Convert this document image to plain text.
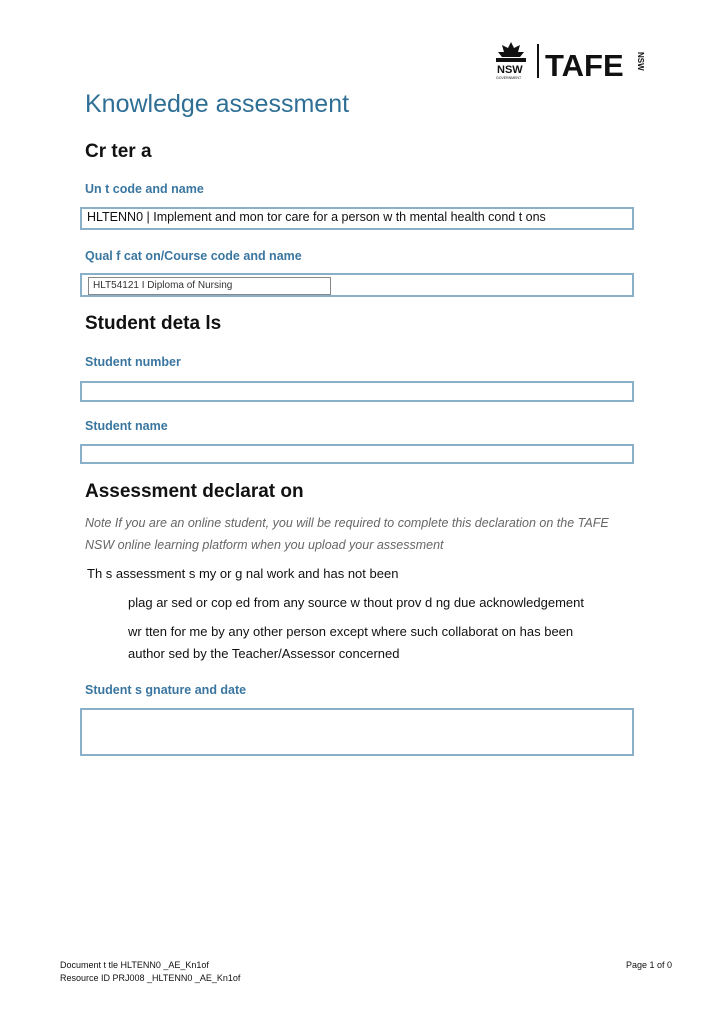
NSW
GOVERNMENT TAFE NSW
Knowledge assessment
Cr ter a
Un t code and name
HLTENN0 | Implement and mon tor care for a person w th mental health cond t ons
Qual f cat on/Course code and name
HLT54121 I Diploma of Nursing
Student deta ls
Student number
Student name
Assessment declarat on
Note If you are an online student, you will be required to complete this declaration on the TAFE NSW online learning platform when you upload your assessment
Th s assessment s my or g nal work and has not been
plag ar sed or cop ed from any source w thout prov d ng due acknowledgement
wr tten for me by any other person except where such collaborat on has been
author sed by the Teacher/Assessor concerned
Student s gnature and date
Document t tle HLTENN0 _AE_Kn1of
Resource ID PRJ008 _HLTENN0 _AE_Kn1of
Page 1 of 0
